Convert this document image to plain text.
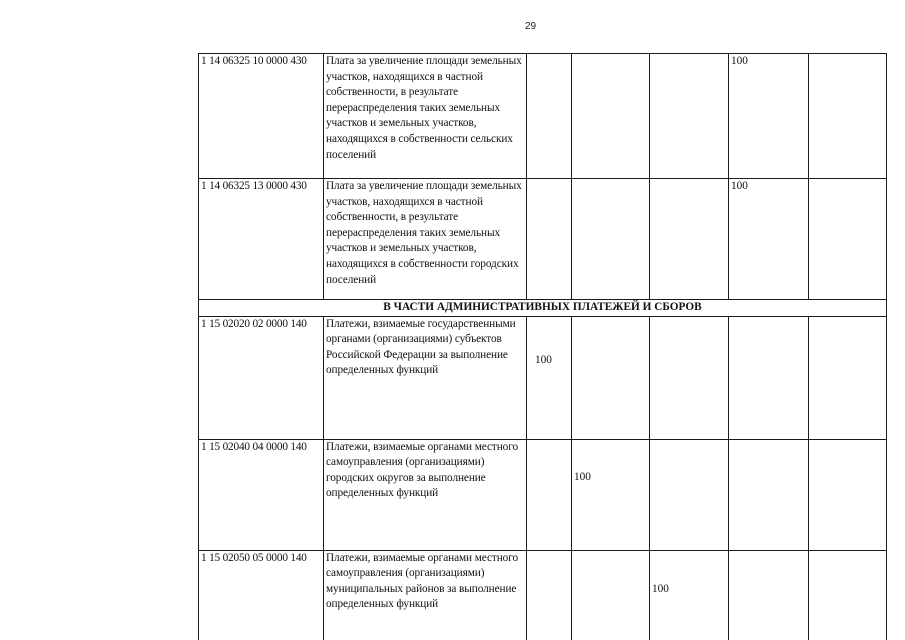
29
1 14 06325 10 0000 430	Плата за увеличение площади земельных участков, находящихся в частной собственности, в результате перераспределения таких земельных участков и земельных участков, находящихся в собственности сельских поселений				100	
1 14 06325 13 0000 430	Плата за увеличение площади земельных участков, находящихся в частной собственности, в результате перераспределения таких земельных участков и земельных участков, находящихся в собственности городских поселений				100	
В ЧАСТИ АДМИНИСТРАТИВНЫХ ПЛАТЕЖЕЙ И СБОРОВ						
1 15 02020 02 0000 140	Платежи, взимаемые государственными органами (организациями) субъектов Российской Федерации за выполнение определенных функций	100				
1 15 02040 04 0000 140	Платежи, взимаемые органами местного самоуправления (организациями) городских округов за выполнение определенных функций		100			
1 15 02050 05 0000 140	Платежи, взимаемые органами местного самоуправления (организациями) муниципальных районов за выполнение определенных функций			100		
